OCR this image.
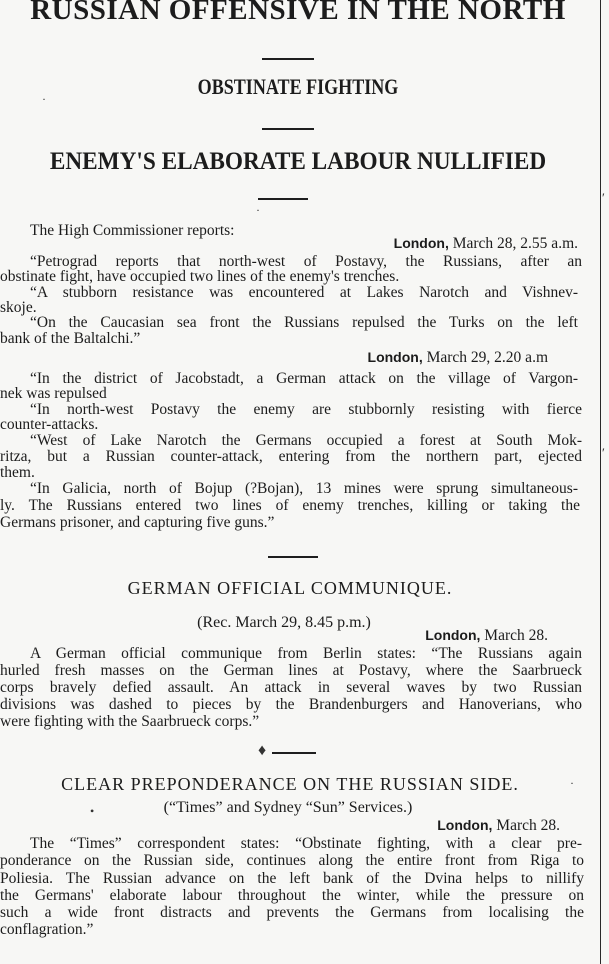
RUSSIAN OFFENSIVE IN THE NORTH
OBSTINATE FIGHTING
ENEMY'S ELABORATE LABOUR NULLIFIED
·
·
The High Commissioner reports:
London, March 28, 2.55 a.m.
“Petrograd reports that north-west of Postavy, the Russians, after an
obstinate fight, have occupied two lines of the enemy's trenches.
“A stubborn resistance was encountered at Lakes Narotch and Vishnev-
skoje.
“On the Caucasian sea front the Russians repulsed the Turks on the left
bank of the Baltalchi.”
London, March 29, 2.20 a.m
“In the district of Jacobstadt, a German attack on the village of Vargon-
nek was repulsed
“In north-west Postavy the enemy are stubbornly resisting with fierce
counter-attacks.
“West of Lake Narotch the Germans occupied a forest at South Mok-
ritza, but a Russian counter-attack, entering from the northern part, ejected
them.
“In Galicia, north of Bojup (?Bojan), 13 mines were sprung simultaneous-
ly. The Russians entered two lines of enemy trenches, killing or taking the
Germans prisoner, and capturing five guns.”
GERMAN OFFICIAL COMMUNIQUE.
(Rec. March 29, 8.45 p.m.)
London, March 28.
A German official communique from Berlin states: “The Russians again
hurled fresh masses on the German lines at Postavy, where the Saarbrueck
corps bravely defied assault. An attack in several waves by two Russian
divisions was dashed to pieces by the Brandenburgers and Hanoverians, who
were fighting with the Saarbrueck corps.”
♦
CLEAR PREPONDERANCE ON THE RUSSIAN SIDE.	·
•	(“Times” and Sydney “Sun” Services.)
London, March 28.
The “Times” correspondent states: “Obstinate fighting, with a clear pre-
ponderance on the Russian side, continues along the entire front from Riga to
Poliesia. The Russian advance on the left bank of the Dvina helps to nillify
the Germans' elaborate labour throughout the winter, while the pressure on
such a wide front distracts and prevents the Germans from localising the
conflagration.”
′
′
